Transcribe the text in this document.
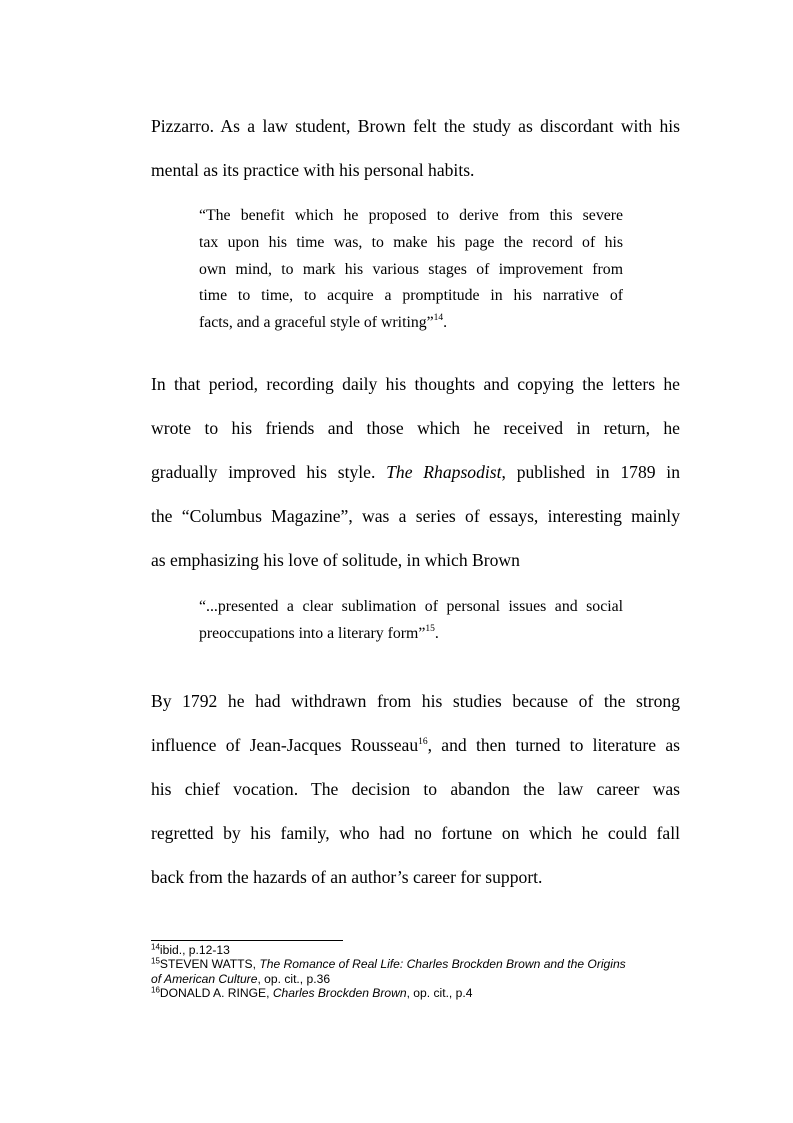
Pizzarro. As a law student, Brown felt the study as discordant with his
mental as its practice with his personal habits.

“The benefit which he proposed to derive from this severe
tax upon his time was, to make his page the record of his
own mind, to mark his various stages of improvement from
time to time, to acquire a promptitude in his narrative of
facts, and a graceful style of writing”$^{14}$.

In that period, recording daily his thoughts and copying the letters he
wrote to his friends and those which he received in return, he
gradually improved his style. The Rhapsodist, published in 1789 in
the “Columbus Magazine”, was a series of essays, interesting mainly
as emphasizing his love of solitude, in which Brown

“...presented a clear sublimation of personal issues and social
preoccupations into a literary form”$^{15}$.

By 1792 he had withdrawn from his studies because of the strong
influence of Jean-Jacques Rousseau$^{16}$, and then turned to literature as
his chief vocation. The decision to abandon the law career was
regretted by his family, who had no fortune on which he could fall
back from the hazards of an author’s career for support.

$^{14}$ibid., p.12-13
$^{15}$STEVEN WATTS, The Romance of Real Life: Charles Brockden Brown and the Origins
of American Culture, op. cit., p.36
$^{16}$DONALD A. RINGE, Charles Brockden Brown, op. cit., p.4
